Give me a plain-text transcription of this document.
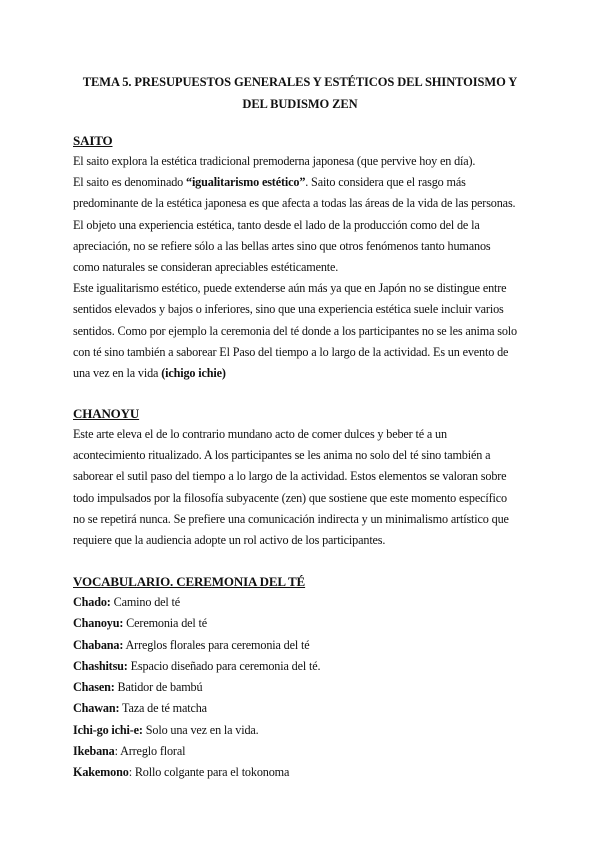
TEMA 5. PRESUPUESTOS GENERALES Y ESTÉTICOS DEL SHINTOISMO Y
DEL BUDISMO ZEN

SAITO

El saito explora la estética tradicional premoderna japonesa (que pervive hoy en día).

El saito es denominado “igualitarismo estético”. Saito considera que el rasgo más

predominante de la estética japonesa es que afecta a todas las áreas de la vida de las personas.

El objeto una experiencia estética, tanto desde el lado de la producción como del de la

apreciación, no se refiere sólo a las bellas artes sino que otros fenómenos tanto humanos

como naturales se consideran apreciables estéticamente.

Este igualitarismo estético, puede extenderse aún más ya que en Japón no se distingue entre

sentidos elevados y bajos o inferiores, sino que una experiencia estética suele incluir varios

sentidos. Como por ejemplo la ceremonia del té donde a los participantes no se les anima solo

con té sino también a saborear El Paso del tiempo a lo largo de la actividad. Es un evento de

una vez en la vida (ichigo ichie)

CHANOYU

Este arte eleva el de lo contrario mundano acto de comer dulces y beber té a un

acontecimiento ritualizado. A los participantes se les anima no solo del té sino también a

saborear el sutil paso del tiempo a lo largo de la actividad. Estos elementos se valoran sobre

todo impulsados por la filosofía subyacente (zen) que sostiene que este momento específico

no se repetirá nunca. Se prefiere una comunicación indirecta y un minimalismo artístico que

requiere que la audiencia adopte un rol activo de los participantes.

VOCABULARIO. CEREMONIA DEL TÉ

Chado: Camino del té

Chanoyu: Ceremonia del té

Chabana: Arreglos florales para ceremonia del té

Chashitsu: Espacio diseñado para ceremonia del té.

Chasen: Batidor de bambú

Chawan: Taza de té matcha

Ichi-go ichi-e: Solo una vez en la vida.

Ikebana: Arreglo floral

Kakemono: Rollo colgante para el tokonoma
